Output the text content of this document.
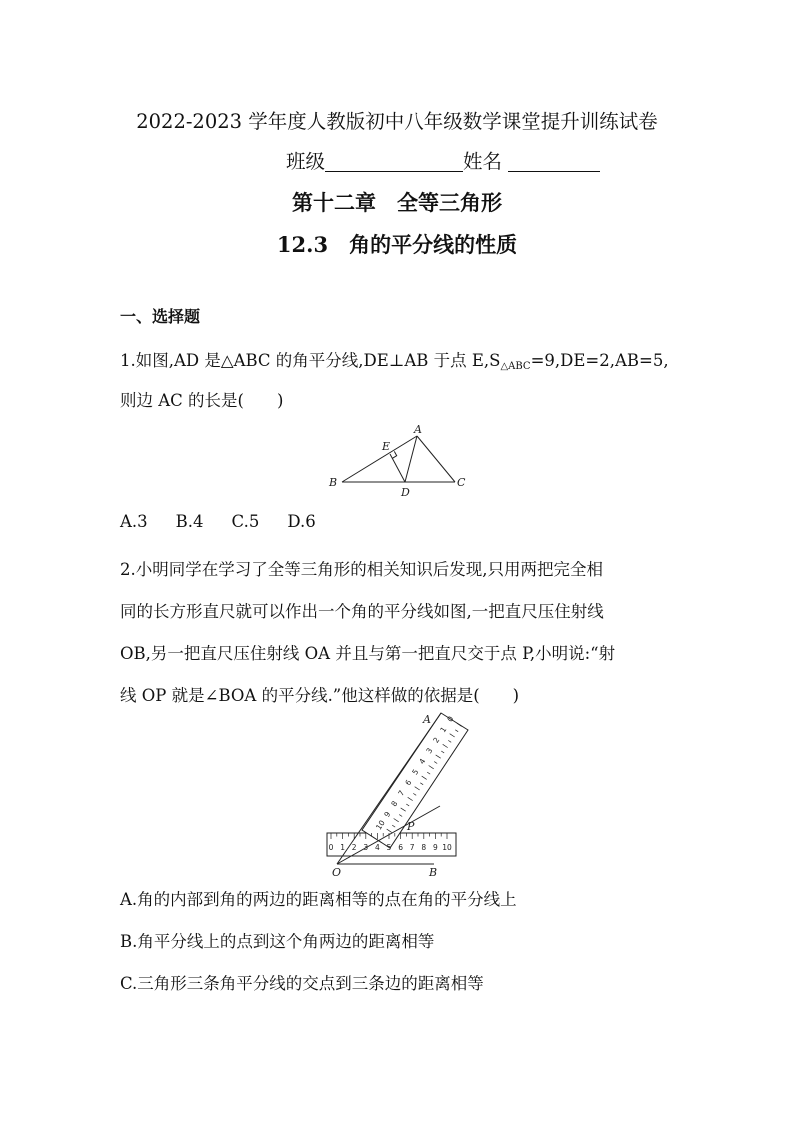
2022-2023 学年度人教版初中八年级数学课堂提升训练试卷
班级	姓名
第十二章　全等三角形
12.3　角的平分线的性质
一、选择题
1.如图,AD 是△ABC 的角平分线,DE⊥AB 于点 $E,S_{\triangle ABC}=9,DE=2,AB=5$,
则边 AC 的长是(　　)
A
B	C
D
E
A.3 B.4 C.5 D.6
2.小明同学在学习了全等三角形的相关知识后发现,只用两把完全相
同的长方形直尺就可以作出一个角的平分线如图,一把直尺压住射线
OB,另一把直尺压住射线 OA 并且与第一把直尺交于点 P,小明说:“射
线 OP 就是∠BOA 的平分线.”他这样做的依据是(　　)
0 1 2 3 4 5 6 7 8 9 10
0
1
2
3
4
5
6
7
8
9
10
A
O	B
P
A.角的内部到角的两边的距离相等的点在角的平分线上
B.角平分线上的点到这个角两边的距离相等
C.三角形三条角平分线的交点到三条边的距离相等
